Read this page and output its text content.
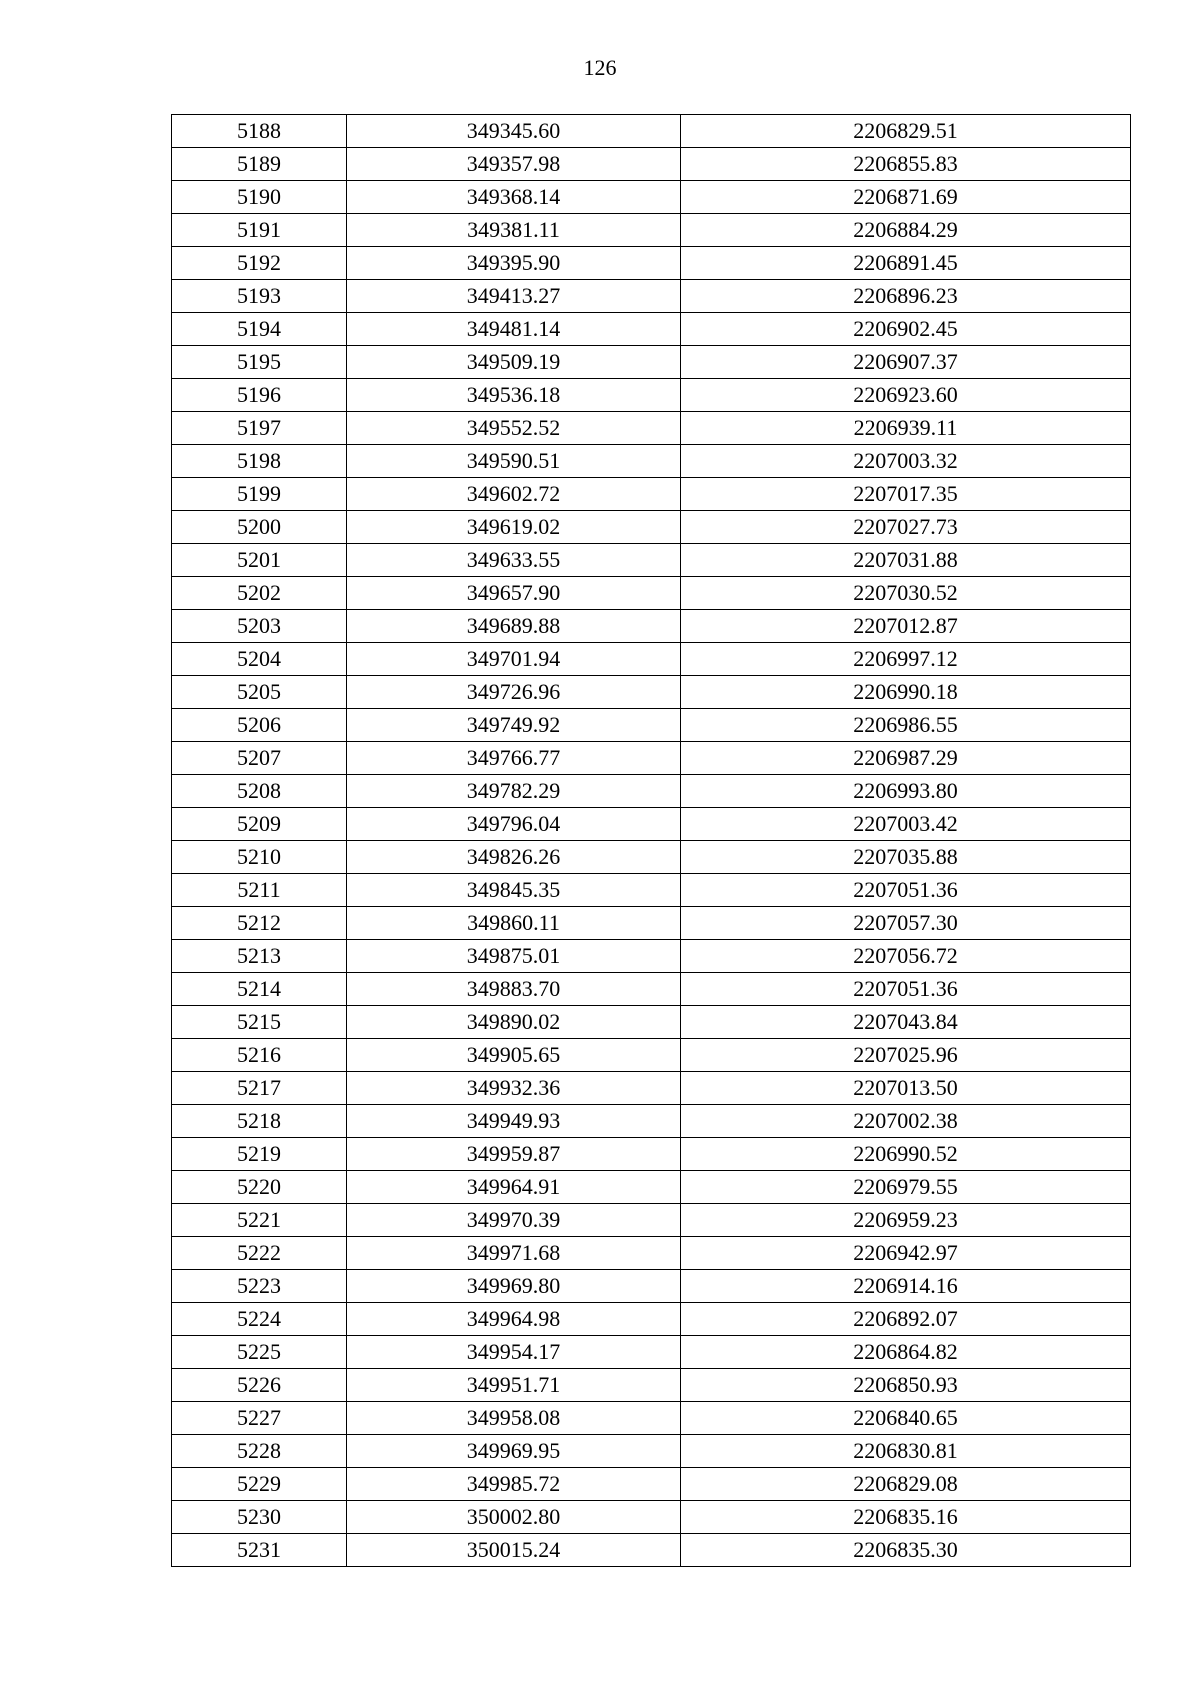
126
5188	349345.60	2206829.51
5189	349357.98	2206855.83
5190	349368.14	2206871.69
5191	349381.11	2206884.29
5192	349395.90	2206891.45
5193	349413.27	2206896.23
5194	349481.14	2206902.45
5195	349509.19	2206907.37
5196	349536.18	2206923.60
5197	349552.52	2206939.11
5198	349590.51	2207003.32
5199	349602.72	2207017.35
5200	349619.02	2207027.73
5201	349633.55	2207031.88
5202	349657.90	2207030.52
5203	349689.88	2207012.87
5204	349701.94	2206997.12
5205	349726.96	2206990.18
5206	349749.92	2206986.55
5207	349766.77	2206987.29
5208	349782.29	2206993.80
5209	349796.04	2207003.42
5210	349826.26	2207035.88
5211	349845.35	2207051.36
5212	349860.11	2207057.30
5213	349875.01	2207056.72
5214	349883.70	2207051.36
5215	349890.02	2207043.84
5216	349905.65	2207025.96
5217	349932.36	2207013.50
5218	349949.93	2207002.38
5219	349959.87	2206990.52
5220	349964.91	2206979.55
5221	349970.39	2206959.23
5222	349971.68	2206942.97
5223	349969.80	2206914.16
5224	349964.98	2206892.07
5225	349954.17	2206864.82
5226	349951.71	2206850.93
5227	349958.08	2206840.65
5228	349969.95	2206830.81
5229	349985.72	2206829.08
5230	350002.80	2206835.16
5231	350015.24	2206835.30
